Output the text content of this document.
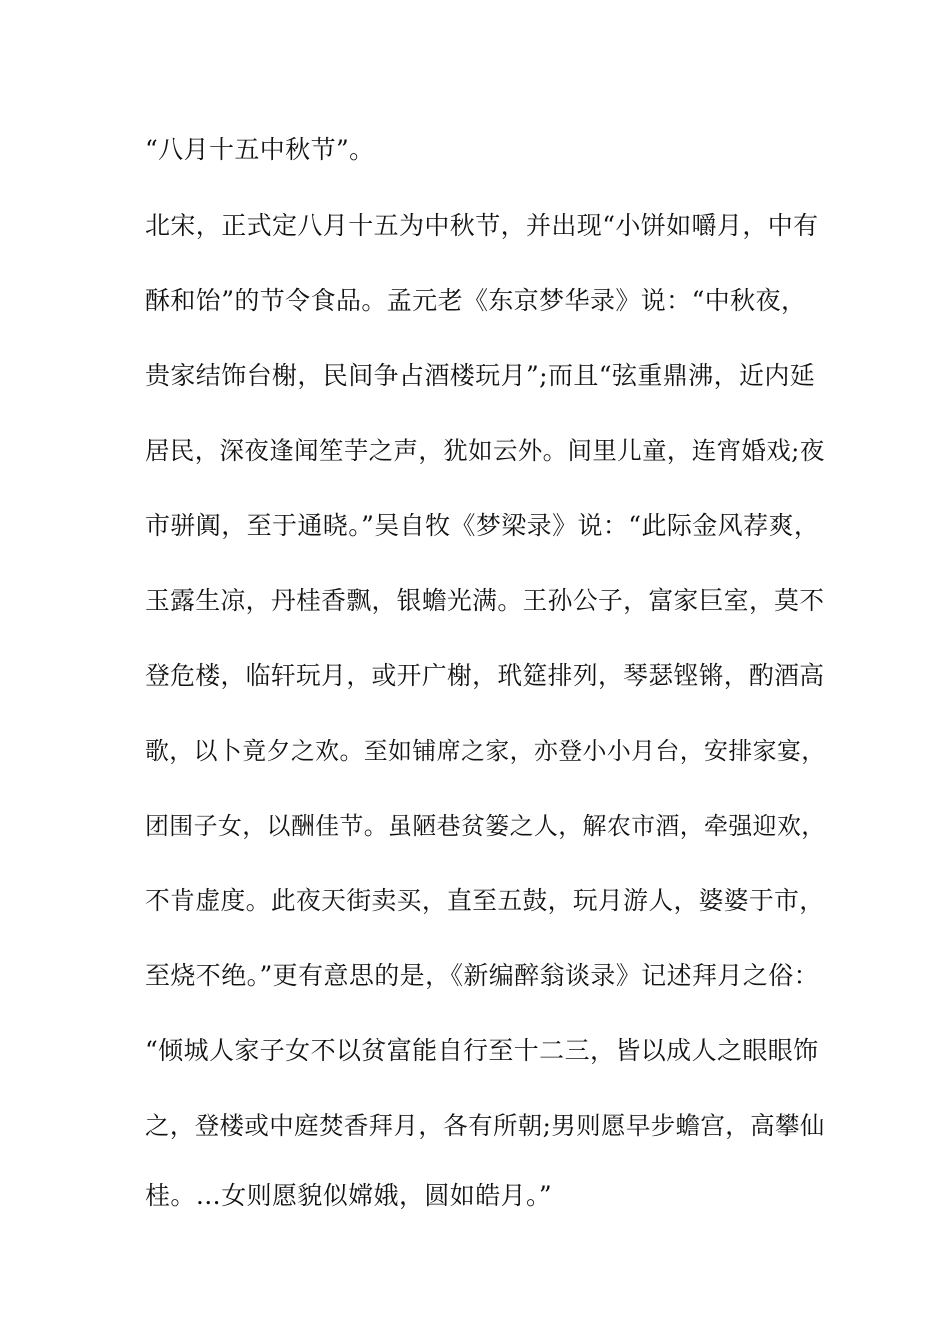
“八月十五中秋节”。
北宋，正式定八月十五为中秋节，并出现“小饼如嚼月，中有
酥和饴”的节令食品。孟元老《东京梦华录》说：“中秋夜，
贵家结饰台榭，民间争占酒楼玩月”;而且“弦重鼎沸，近内延
居民，深夜逢闻笙芋之声，犹如云外。间里儿童，连宵婚戏;夜
市骈阗，至于通晓。”吴自牧《梦梁录》说：“此际金风荐爽，
玉露生凉，丹桂香飘，银蟾光满。王孙公子，富家巨室，莫不
登危楼，临轩玩月，或开广榭，玳筵排列，琴瑟铿锵，酌酒高
歌，以卜竟夕之欢。至如铺席之家，亦登小小月台，安排家宴，
团围子女，以酬佳节。虽陋巷贫篓之人，解农市酒，牵强迎欢，
不肯虚度。此夜天街卖买，直至五鼓，玩月游人，婆婆于市，
至烧不绝。”更有意思的是，《新编醉翁谈录》记述拜月之俗：
“倾城人家子女不以贫富能自行至十二三，皆以成人之眼眼饰
之，登楼或中庭焚香拜月，各有所朝;男则愿早步蟾宫，高攀仙
桂。…女则愿貌似嫦娥，圆如皓月。”
